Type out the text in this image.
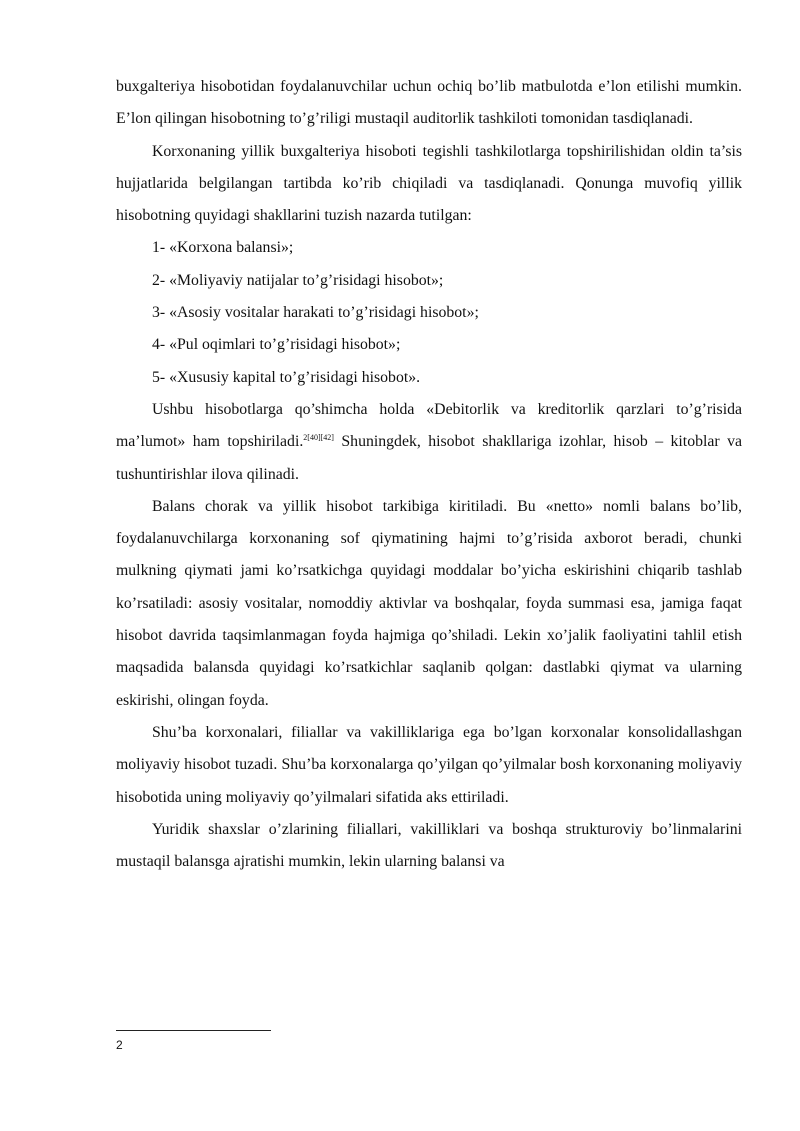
buxgalteriya hisobotidan foydalanuvchilar uchun ochiq bo’lib matbulotda e’lon etilishi mumkin. E’lon qilingan hisobotning to’g’riligi mustaqil auditorlik tashkiloti tomonidan tasdiqlanadi.

Korxonaning yillik buxgalteriya hisoboti tegishli tashkilotlarga topshirilishidan oldin ta’sis hujjatlarida belgilangan tartibda ko’rib chiqiladi va tasdiqlanadi. Qonunga muvofiq yillik hisobotning quyidagi shakllarini tuzish nazarda tutilgan:

1- «Korxona balansi»;

2- «Moliyaviy natijalar to’g’risidagi hisobot»;

3- «Asosiy vositalar harakati to’g’risidagi hisobot»;

4- «Pul oqimlari to’g’risidagi hisobot»;

5- «Xususiy kapital to’g’risidagi hisobot».

Ushbu hisobotlarga qo’shimcha holda «Debitorlik va kreditorlik qarzlari to’g’risida ma’lumot» ham topshiriladi.$^{2[40][42]}$ Shuningdek, hisobot shakllariga izohlar, hisob – kitoblar va tushuntirishlar ilova qilinadi.

Balans chorak va yillik hisobot tarkibiga kiritiladi. Bu «netto» nomli balans bo’lib, foydalanuvchilarga korxonaning sof qiymatining hajmi to’g’risida axborot beradi, chunki mulkning qiymati jami ko’rsatkichga quyidagi moddalar bo’yicha eskirishini chiqarib tashlab ko’rsatiladi: asosiy vositalar, nomoddiy aktivlar va boshqalar, foyda summasi esa, jamiga faqat hisobot davrida taqsimlanmagan foyda hajmiga qo’shiladi. Lekin xo’jalik faoliyatini tahlil etish maqsadida balansda quyidagi ko’rsatkichlar saqlanib qolgan: dastlabki qiymat va ularning eskirishi, olingan foyda.

Shu’ba korxonalari, filiallar va vakilliklariga ega bo’lgan korxonalar konsolidallashgan moliyaviy hisobot tuzadi. Shu’ba korxonalarga qo’yilgan qo’yilmalar bosh korxonaning moliyaviy hisobotida uning moliyaviy qo’yilmalari sifatida aks ettiriladi.

Yuridik shaxslar o’zlarining filiallari, vakilliklari va boshqa strukturoviy bo’linmalarini mustaqil balansga ajratishi mumkin, lekin ularning balansi va

2
